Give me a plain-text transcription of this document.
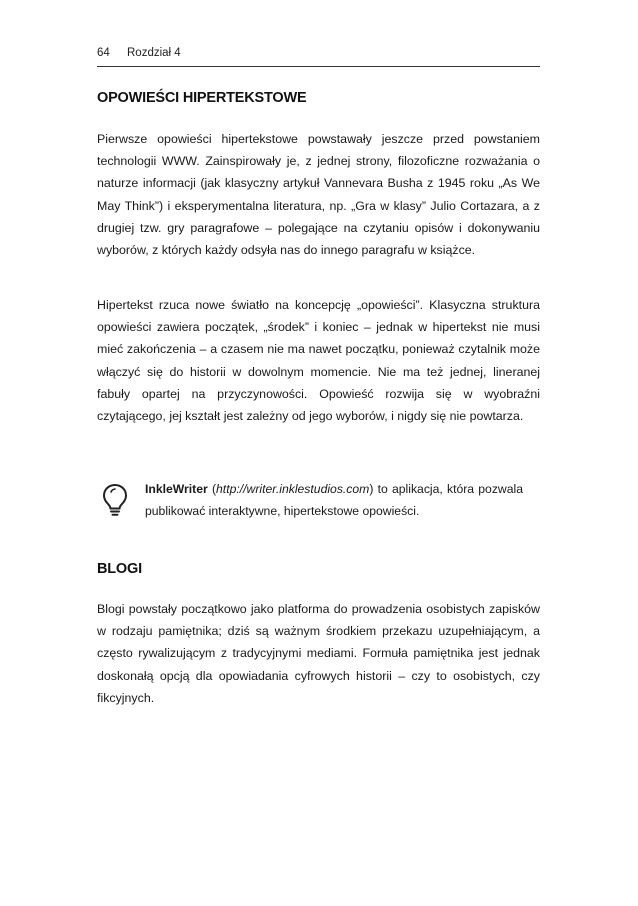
64 Rozdział 4
OPOWIEŚCI HIPERTEKSTOWE

Pierwsze opowieści hipertekstowe powstawały jeszcze przed powstaniem technologii WWW. Zainspirowały je, z jednej strony, filozoficzne rozważania o naturze informacji (jak klasyczny artykuł Vannevara Busha z 1945 roku „As We May Think”) i eksperymentalna literatura, np. „Gra w klasy” Julio Cortazara, a z drugiej tzw. gry paragrafowe – polegające na czytaniu opisów i dokonywaniu wyborów, z których każdy odsyła nas do innego paragrafu w książce.

Hipertekst rzuca nowe światło na koncepcję „opowieści”. Klasyczna struktura opowieści zawiera początek, „środek” i koniec – jednak w hipertekst nie musi mieć zakończenia – a czasem nie ma nawet początku, ponieważ czytalnik może włączyć się do historii w dowolnym momencie. Nie ma też jednej, lineranej fabuły opartej na przyczynowości. Opowieść rozwija się w wyobraźni czytającego, jej kształt jest zależny od jego wyborów, i nigdy się nie powtarza.

InkleWriter (http://writer.inklestudios.com) to aplikacja, która pozwala publikować interaktywne, hipertekstowe opowieści.

BLOGI

Blogi powstały początkowo jako platforma do prowadzenia osobistych zapisków w rodzaju pamiętnika; dziś są ważnym środkiem przekazu uzupełniającym, a często rywalizującym z tradycyjnymi mediami. Formuła pamiętnika jest jednak doskonałą opcją dla opowiadania cyfrowych historii – czy to osobistych, czy fikcyjnych.
